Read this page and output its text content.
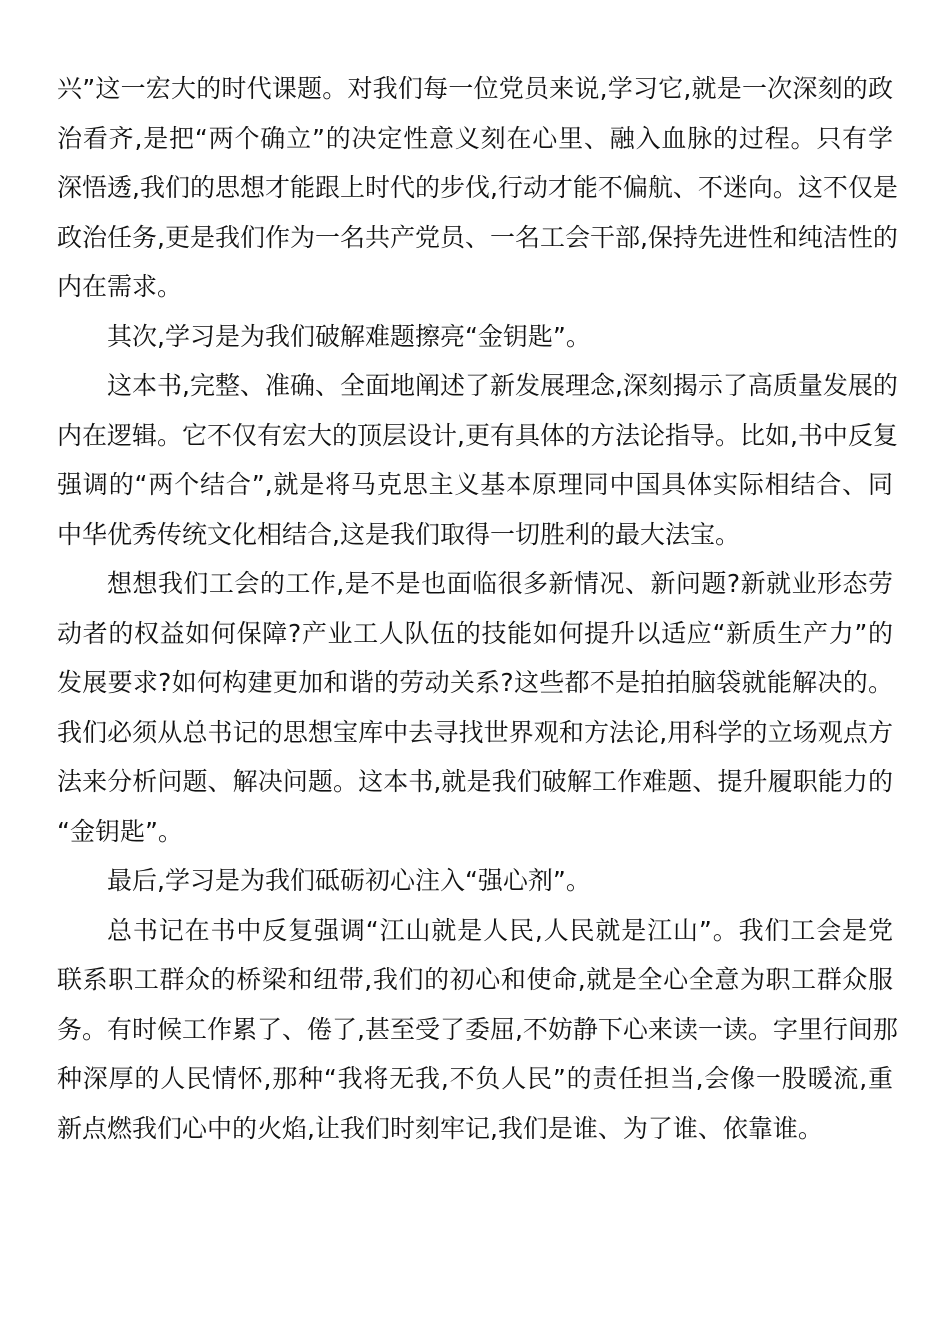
兴”这一宏大的时代课题。对我们每一位党员来说,学习它,就是一次深刻的政
治看齐,是把“两个确立”的决定性意义刻在心里、融入血脉的过程。只有学
深悟透,我们的思想才能跟上时代的步伐,行动才能不偏航、不迷向。这不仅是
政治任务,更是我们作为一名共产党员、一名工会干部,保持先进性和纯洁性的
内在需求。
其次,学习是为我们破解难题擦亮“金钥匙”。
这本书,完整、准确、全面地阐述了新发展理念,深刻揭示了高质量发展的
内在逻辑。它不仅有宏大的顶层设计,更有具体的方法论指导。比如,书中反复
强调的“两个结合”,就是将马克思主义基本原理同中国具体实际相结合、同
中华优秀传统文化相结合,这是我们取得一切胜利的最大法宝。
想想我们工会的工作,是不是也面临很多新情况、新问题?新就业形态劳
动者的权益如何保障?产业工人队伍的技能如何提升以适应“新质生产力”的
发展要求?如何构建更加和谐的劳动关系?这些都不是拍拍脑袋就能解决的。
我们必须从总书记的思想宝库中去寻找世界观和方法论,用科学的立场观点方
法来分析问题、解决问题。这本书,就是我们破解工作难题、提升履职能力的
“金钥匙”。
最后,学习是为我们砥砺初心注入“强心剂”。
总书记在书中反复强调“江山就是人民,人民就是江山”。我们工会是党
联系职工群众的桥梁和纽带,我们的初心和使命,就是全心全意为职工群众服
务。有时候工作累了、倦了,甚至受了委屈,不妨静下心来读一读。字里行间那
种深厚的人民情怀,那种“我将无我,不负人民”的责任担当,会像一股暖流,重
新点燃我们心中的火焰,让我们时刻牢记,我们是谁、为了谁、依靠谁。
